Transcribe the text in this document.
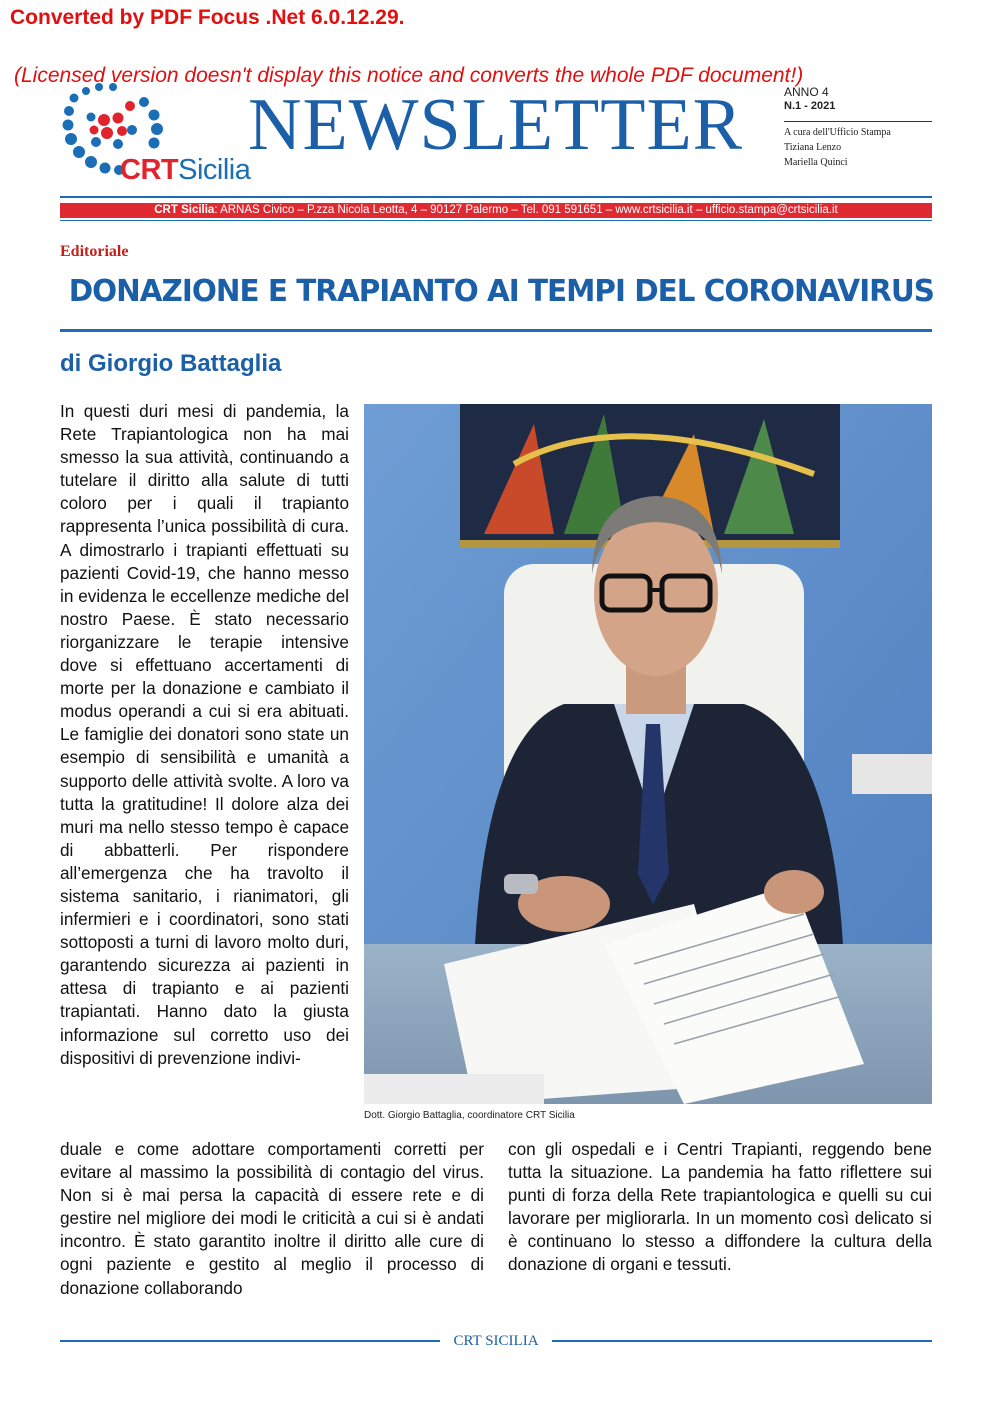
Converted by PDF Focus .Net 6.0.12.29.
CRTSicilia
(Licensed version doesn't display this notice and converts the whole PDF document!)
NEWSLETTER	ANNO 4
N.1 - 2021
A cura dell'Ufficio Stampa
Tiziana Lenzo
Mariella Quinci
CRT Sicilia: ARNAS Civico – P.zza Nicola Leotta, 4 – 90127 Palermo – Tel. 091 591651 – www.crtsicilia.it – ufficio.stampa@crtsicilia.it
Editoriale
DONAZIONE E TRAPIANTO AI TEMPI DEL CORONAVIRUS
di Giorgio Battaglia
In questi duri mesi di pandemia, la Rete Trapiantologica non ha mai smesso la sua attività, continuando a tutelare il diritto alla salute di tutti coloro per i quali il trapianto rappresenta l’unica possibilità di cura. A dimostrarlo i trapianti effettuati su pazienti Covid-19, che hanno messo in evidenza le eccellenze mediche del nostro Paese. È stato necessario riorganizzare le terapie intensive dove si effettuano accertamenti di morte per la donazione e cambiato il modus operandi a cui si era abituati. Le famiglie dei donatori sono state un esempio di sensibilità e umanità a supporto delle attività svolte. A loro va tutta la gratitudine! Il dolore alza dei muri ma nello stesso tempo è capace di abbatterli. Per rispondere all’emergenza che ha travolto il sistema sanitario, i rianimatori, gli infermieri e i coordinatori, sono stati sottoposti a turni di lavoro molto duri, garantendo sicurezza ai pazienti in attesa di trapianto e ai pazienti trapiantati. Hanno dato la giusta informazione sul corretto uso dei dispositivi di prevenzione indivi-
Dott. Giorgio Battaglia, coordinatore CRT Sicilia
duale e come adottare comportamenti corretti per evitare al massimo la possibilità di contagio del virus. Non si è mai persa la capacità di essere rete e di gestire nel migliore dei modi le criticità a cui si è andati incontro. È stato garantito inoltre il diritto alle cure di ogni paziente e gestito al meglio il processo di donazione collaborando
con gli ospedali e i Centri Trapianti, reggendo bene tutta la situazione. La pandemia ha fatto riflettere sui punti di forza della Rete trapiantologica e quelli su cui lavorare per migliorarla. In un momento così delicato si è continuano lo stesso a diffondere la cultura della donazione di organi e tessuti.
CRT SICILIA
